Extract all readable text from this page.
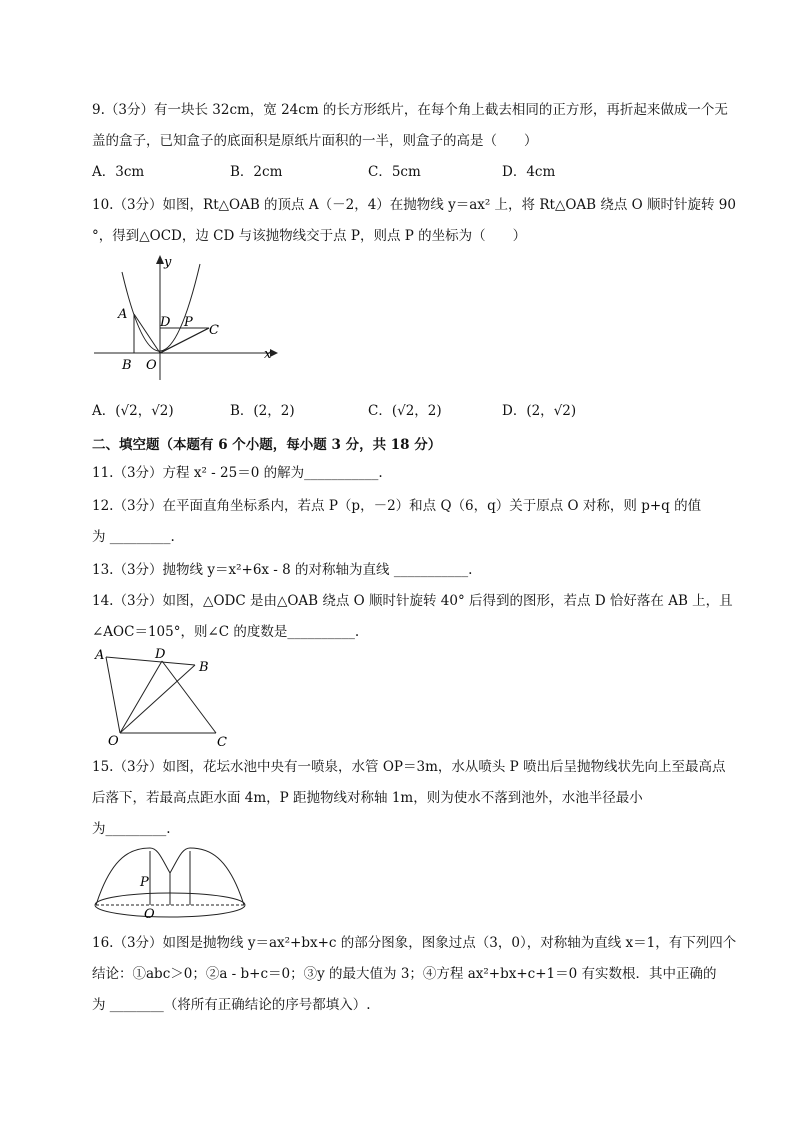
9.（3分）有一块长 32cm，宽 24cm 的长方形纸片，在每个角上截去相同的正方形，再折起来做成一个无
盖的盒子，已知盒子的底面积是原纸片面积的一半，则盒子的高是（　　）
A．3cm	B．2cm	C．5cm	D．4cm
10.（3分）如图，Rt△OAB 的顶点 A（－2，4）在抛物线 y＝ax² 上，将 Rt△OAB 绕点 O 顺时针旋转 90
°，得到△OCD，边 CD 与该抛物线交于点 P，则点 P 的坐标为（　　）
y
x
A
B O
D P
C
A．(√2，√2)	B．(2，2)	C．(√2，2)	D．(2，√2)
二、填空题（本题有 6 个小题，每小题 3 分，共 18 分）
11.（3分）方程 x² - 25＝0 的解为___________.
12.（3分）在平面直角坐标系内，若点 P（p，－2）和点 Q（6，q）关于原点 O 对称，则 p+q 的值
为 _________.
13.（3分）抛物线 y＝x²+6x - 8 的对称轴为直线 ___________.
14.（3分）如图，△ODC 是由△OAB 绕点 O 顺时针旋转 40° 后得到的图形，若点 D 恰好落在 AB 上，且
∠AOC＝105°，则∠C 的度数是__________.
A	D
B
O	C
15.（3分）如图，花坛水池中央有一喷泉，水管 OP＝3m，水从喷头 P 喷出后呈抛物线状先向上至最高点
后落下，若最高点距水面 4m，P 距抛物线对称轴 1m，则为使水不落到池外，水池半径最小
为_________.
P
O
16.（3分）如图是抛物线 y＝ax²+bx+c 的部分图象，图象过点（3，0），对称轴为直线 x＝1，有下列四个
结论：①abc＞0；②a - b+c＝0；③y 的最大值为 3；④方程 ax²+bx+c+1＝0 有实数根．其中正确的
为 ________（将所有正确结论的序号都填入）.
